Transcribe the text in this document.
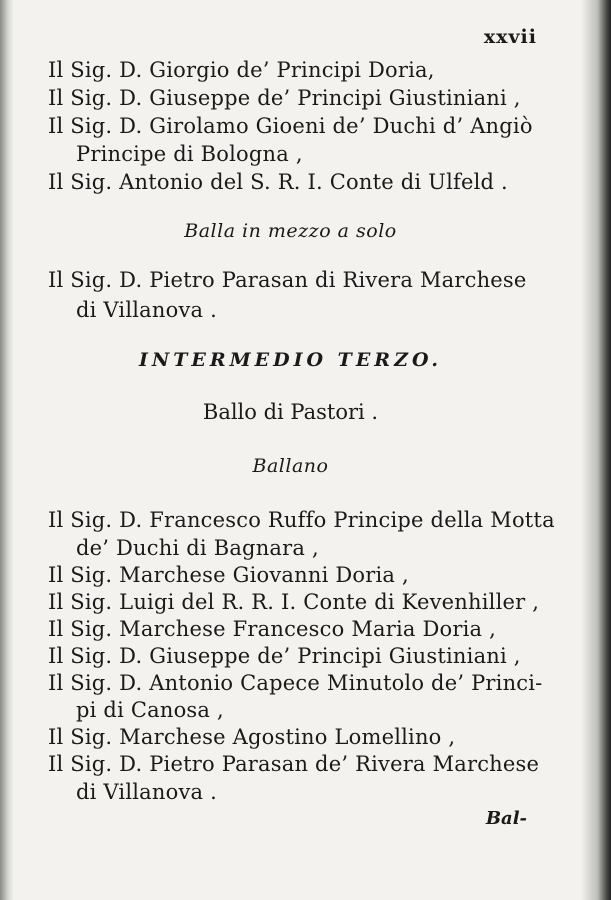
xxvii
Il Sig. D. Giorgio de’ Principi Doria,
Il Sig. D. Giuseppe de’ Principi Giustiniani ,
Il Sig. D. Girolamo Gioeni de’ Duchi d’ Angiò
Principe di Bologna ,
Il Sig. Antonio del S. R. I. Conte di Ulfeld .
Balla in mezzo a solo
Il Sig. D. Pietro Parasan di Rivera Marchese
di Villanova .
INTERMEDIO TERZO.
Ballo di Pastori .
Ballano
Il Sig. D. Francesco Ruffo Principe della Motta
de’ Duchi di Bagnara ,
Il Sig. Marchese Giovanni Doria ,
Il Sig. Luigi del R. R. I. Conte di Kevenhiller ,
Il Sig. Marchese Francesco Maria Doria ,
Il Sig. D. Giuseppe de’ Principi Giustiniani ,
Il Sig. D. Antonio Capece Minutolo de’ Princi-
pi di Canosa ,
Il Sig. Marchese Agostino Lomellino ,
Il Sig. D. Pietro Parasan de’ Rivera Marchese
di Villanova .
Bal-
